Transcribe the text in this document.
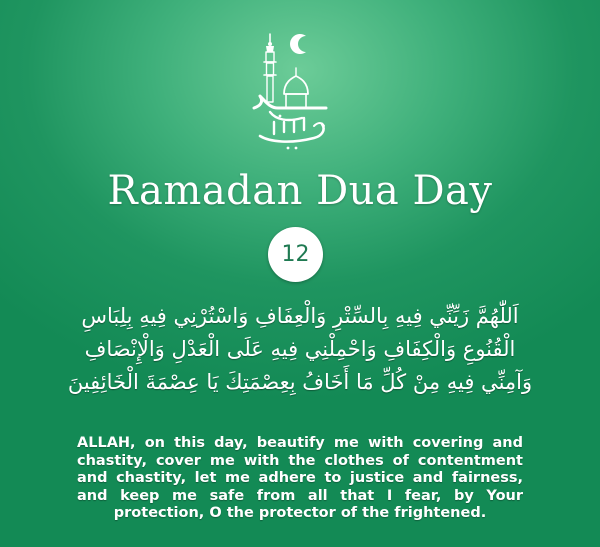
Ramadan Dua Day
12
اَللّٰهُمَّ زَيِّنِّي فِيهِ بِالسِّتْرِ وَالْعِفَافِ وَاسْتُرْنِي فِيهِ بِلِبَاسِ
الْقُنُوعِ وَالْكِفَافِ وَاحْمِلْنِي فِيهِ عَلَى الْعَدْلِ وَالْإِنْصَافِ
وَآمِنِّي فِيهِ مِنْ كُلِّ مَا أَخَافُ بِعِصْمَتِكَ يَا عِصْمَةَ الْخَائِفِينَ
ALLAH, on this day, beautify me with covering and chastity, cover me with the clothes of contentment and chastity, let me adhere to justice and fairness, and keep me safe from all that I fear, by Your protection, O the protector of the frightened.
